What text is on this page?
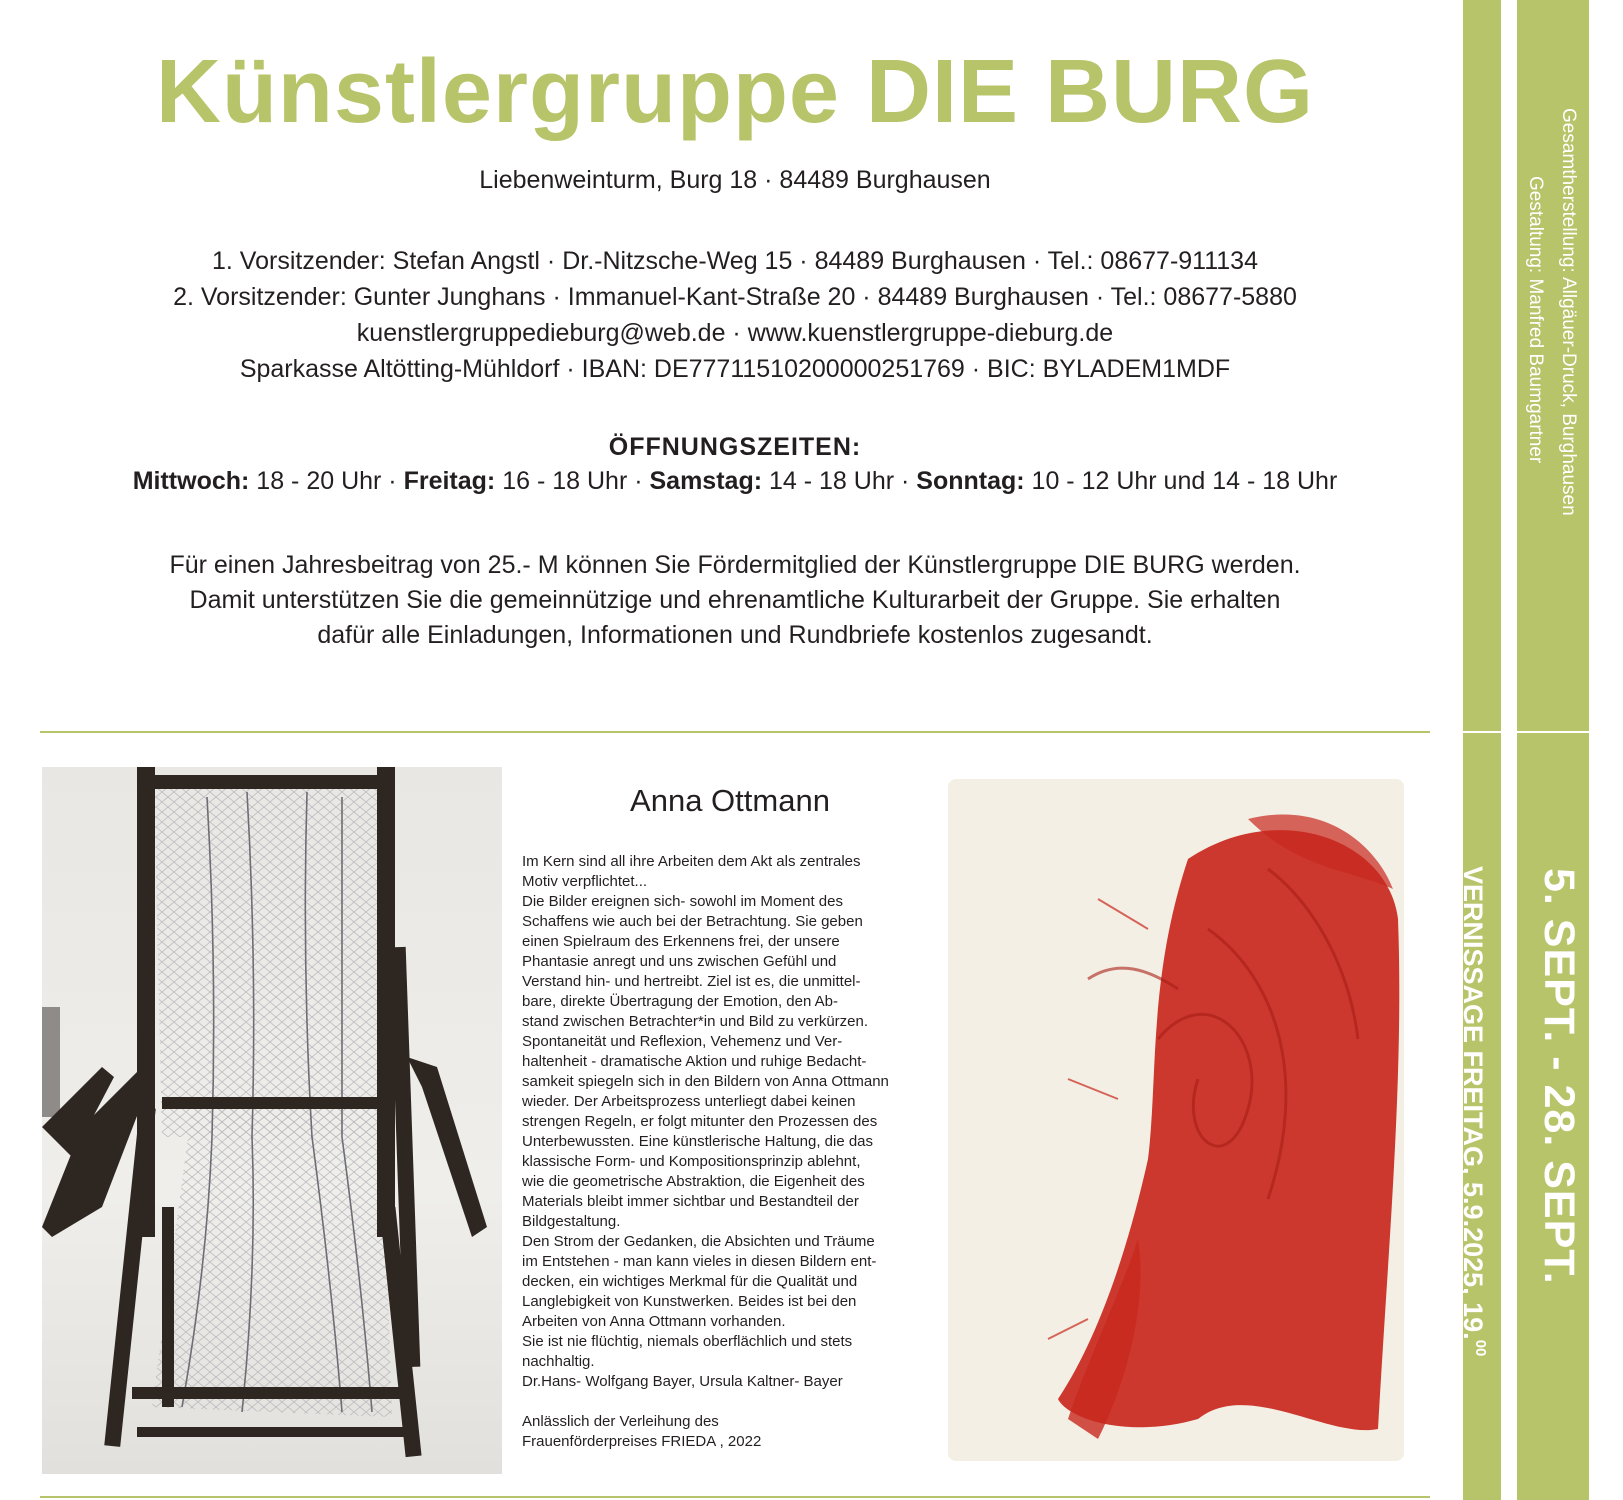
Künstlergruppe DIE BURG
Liebenweinturm, Burg 18 · 84489 Burghausen
1. Vorsitzender: Stefan Angstl · Dr.-Nitzsche-Weg 15 · 84489 Burghausen · Tel.: 08677-911134
2. Vorsitzender: Gunter Junghans · Immanuel-Kant-Straße 20 · 84489 Burghausen · Tel.: 08677-5880
kuenstlergruppedieburg@web.de · www.kuenstlergruppe-dieburg.de
Sparkasse Altötting-Mühldorf · IBAN: DE77711510200000251769 · BIC: BYLADEM1MDF
ÖFFNUNGSZEITEN:
Mittwoch: 18 - 20 Uhr · Freitag: 16 - 18 Uhr · Samstag: 14 - 18 Uhr · Sonntag: 10 - 12 Uhr und 14 - 18 Uhr
Für einen Jahresbeitrag von 25.- M können Sie Fördermitglied der Künstlergruppe DIE BURG werden.
Damit unterstützen Sie die gemeinnützige und ehrenamtliche Kulturarbeit der Gruppe. Sie erhalten
dafür alle Einladungen, Informationen und Rundbriefe kostenlos zugesandt.
Gesamtherstellung: Allgäuer-Druck, Burghausen
Gestaltung: Manfred Baumgartner
5. SEPT. - 28. SEPT.
VERNISSAGE FREITAG, 5.9.2025, 19.00
Anna Ottmann
Im Kern sind all ihre Arbeiten dem Akt als zentrales
Motiv verpflichtet...
Die Bilder ereignen sich- sowohl im Moment des
Schaffens wie auch bei der Betrachtung. Sie geben
einen Spielraum des Erkennens frei, der unsere
Phantasie anregt und uns zwischen Gefühl und
Verstand hin- und hertreibt. Ziel ist es, die unmittel-
bare, direkte Übertragung der Emotion, den Ab-
stand zwischen Betrachter*in und Bild zu verkürzen.
Spontaneität und Reflexion, Vehemenz und Ver-
haltenheit - dramatische Aktion und ruhige Bedacht-
samkeit spiegeln sich in den Bildern von Anna Ottmann
wieder. Der Arbeitsprozess unterliegt dabei keinen
strengen Regeln, er folgt mitunter den Prozessen des
Unterbewussten. Eine künstlerische Haltung, die das
klassische Form- und Kompositionsprinzip ablehnt,
wie die geometrische Abstraktion, die Eigenheit des
Materials bleibt immer sichtbar und Bestandteil der
Bildgestaltung.
Den Strom der Gedanken, die Absichten und Träume
im Entstehen - man kann vieles in diesen Bildern ent-
decken, ein wichtiges Merkmal für die Qualität und
Langlebigkeit von Kunstwerken. Beides ist bei den
Arbeiten von Anna Ottmann vorhanden.
Sie ist nie flüchtig, niemals oberflächlich und stets
nachhaltig.
Dr.Hans- Wolfgang Bayer, Ursula Kaltner- Bayer
Anlässlich der Verleihung des
Frauenförderpreises FRIEDA , 2022
